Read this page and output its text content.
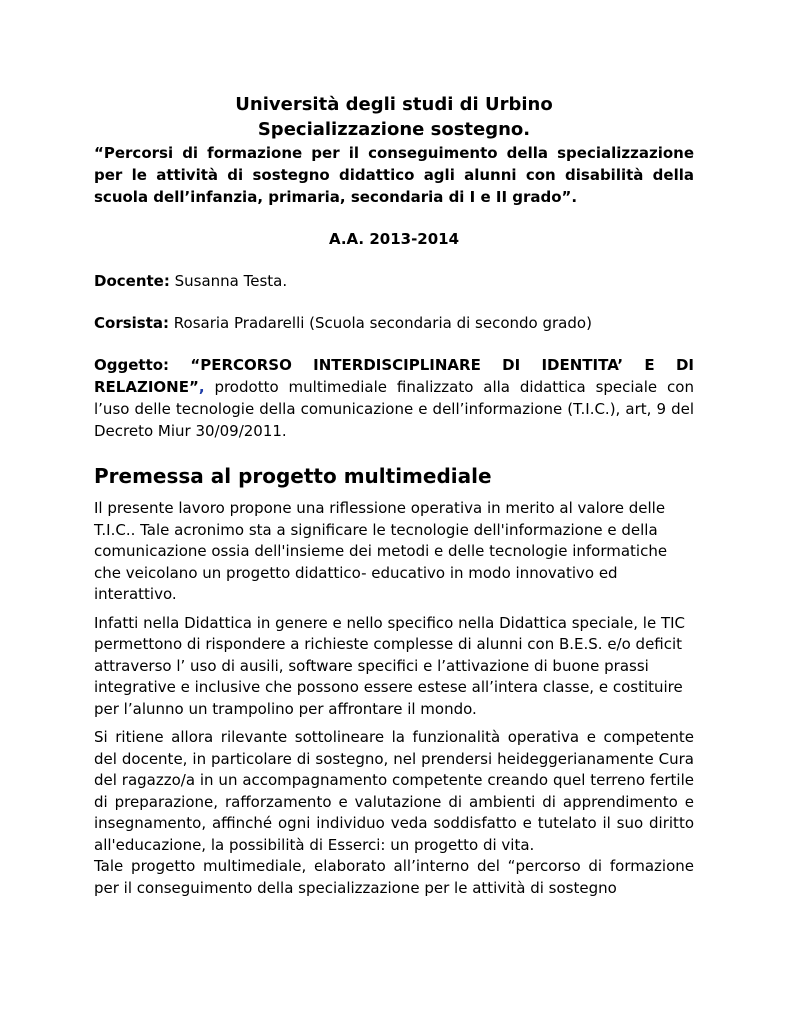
Università degli studi di Urbino

Specializzazione sostegno.

“Percorsi di formazione per il conseguimento della specializzazione per le attività di sostegno didattico agli alunni con disabilità della scuola dell’infanzia, primaria, secondaria di I e II grado”.

A.A. 2013-2014

Docente: Susanna Testa.

Corsista: Rosaria Pradarelli (Scuola secondaria di secondo grado)

Oggetto: “PERCORSO INTERDISCIPLINARE DI IDENTITA’ E DI RELAZIONE”, prodotto multimediale finalizzato alla didattica speciale con l’uso delle tecnologie della comunicazione e dell’informazione (T.I.C.), art, 9 del Decreto Miur 30/09/2011.

Premessa al progetto multimediale

Il presente lavoro propone una riflessione operativa in merito al valore delle T.I.C.. Tale acronimo sta a significare le tecnologie dell'informazione e della comunicazione ossia dell'insieme dei metodi e delle tecnologie informatiche che veicolano un progetto didattico- educativo in modo innovativo ed interattivo.

Infatti nella Didattica in genere e nello specifico nella Didattica speciale, le TIC permettono di rispondere a richieste complesse di alunni con B.E.S. e/o deficit attraverso l’ uso di ausili, software specifici e l’attivazione di buone prassi integrative e inclusive che possono essere estese all’intera classe, e costituire per l’alunno un trampolino per affrontare il mondo.

Si ritiene allora rilevante sottolineare la funzionalità operativa e competente del docente, in particolare di sostegno, nel prendersi heideggerianamente Cura del ragazzo/a in un accompagnamento competente creando quel terreno fertile di preparazione, rafforzamento e valutazione di ambienti di apprendimento e insegnamento, affinché ogni individuo veda soddisfatto e tutelato il suo diritto all'educazione, la possibilità di Esserci: un progetto di vita.

Tale progetto multimediale, elaborato all’interno del “percorso di formazione per il conseguimento della specializzazione per le attività di sostegno
